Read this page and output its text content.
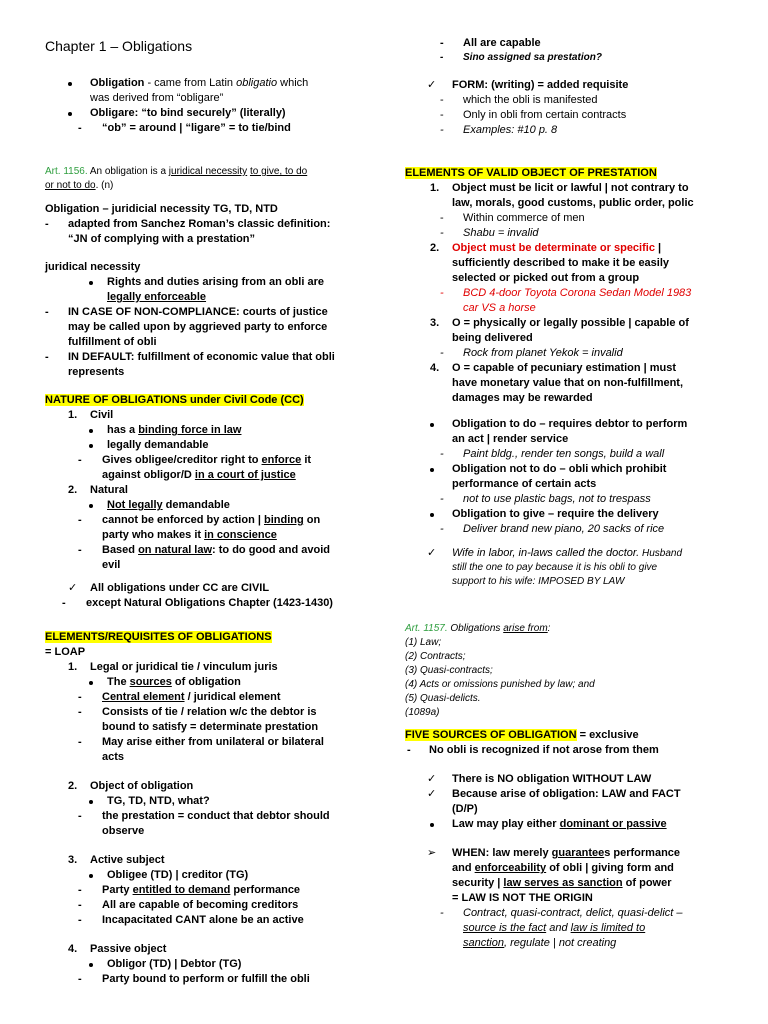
Chapter 1 – Obligations
Obligation - came from Latin obligatio which
was derived from “obligare”
Obligare: “to bind securely” (literally)
- “ob” = around | “ligare” = to tie/bind
Art. 1156. An obligation is a juridical necessity to give, to do
or not to do. (n)
Obligation – juridicial necessity TG, TD, NTD
- adapted from Sanchez Roman’s classic definition:
“JN of complying with a prestation”
juridical necessity
Rights and duties arising from an obli are
legally enforceable
- IN CASE OF NON-COMPLIANCE: courts of justice
may be called upon by aggrieved party to enforce
fulfillment of obli
- IN DEFAULT: fulfillment of economic value that obli
represents
NATURE OF OBLIGATIONS under Civil Code (CC)
1. Civil
has a binding force in law
legally demandable
- Gives obligee/creditor right to enforce it
against obligor/D in a court of justice
2. Natural
Not legally demandable
- cannot be enforced by action | binding on
party who makes it in conscience
- Based on natural law: to do good and avoid
evil
✓ All obligations under CC are CIVIL
- except Natural Obligations Chapter (1423-1430)
ELEMENTS/REQUISITES OF OBLIGATIONS
= LOAP
1. Legal or juridical tie / vinculum juris
The sources of obligation
- Central element / juridical element
- Consists of tie / relation w/c the debtor is
bound to satisfy = determinate prestation
- May arise either from unilateral or bilateral
acts
2. Object of obligation
TG, TD, NTD, what?
- the prestation = conduct that debtor should
observe
3. Active subject
Obligee (TD) | creditor (TG)
- Party entitled to demand performance
- All are capable of becoming creditors
- Incapacitated CANT alone be an active
4. Passive object
Obligor (TD) | Debtor (TG)
- Party bound to perform or fulfill the obli
- All are capable
- Sino assigned sa prestation?
✓ FORM: (writing) = added requisite
- which the obli is manifested
- Only in obli from certain contracts
- Examples: #10 p. 8
ELEMENTS OF VALID OBJECT OF PRESTATION
1. Object must be licit or lawful | not contrary to
law, morals, good customs, public order, polic
- Within commerce of men
- Shabu = invalid
2. Object must be determinate or specific |
sufficiently described to make it be easily
selected or picked out from a group
- BCD 4-door Toyota Corona Sedan Model 1983
car VS a horse
3. O = physically or legally possible | capable of
being delivered
- Rock from planet Yekok = invalid
4. O = capable of pecuniary estimation | must
have monetary value that on non-fulfillment,
damages may be rewarded
Obligation to do – requires debtor to perform
an act | render service
- Paint bldg., render ten songs, build a wall
Obligation not to do – obli which prohibit
performance of certain acts
- not to use plastic bags, not to trespass
Obligation to give – require the delivery
- Deliver brand new piano, 20 sacks of rice
✓ Wife in labor, in-laws called the doctor. Husband
still the one to pay because it is his obli to give
support to his wife: IMPOSED BY LAW
Art. 1157. Obligations arise from:
(1) Law;
(2) Contracts;
(3) Quasi-contracts;
(4) Acts or omissions punished by law; and
(5) Quasi-delicts.
(1089a)
FIVE SOURCES OF OBLIGATION = exclusive
- No obli is recognized if not arose from them
✓ There is NO obligation WITHOUT LAW
✓ Because arise of obligation: LAW and FACT
(D/P)
Law may play either dominant or passive
➢ WHEN: law merely guarantees performance
and enforceability of obli | giving form and
security | law serves as sanction of power
= LAW IS NOT THE ORIGIN
- Contract, quasi-contract, delict, quasi-delict –
source is the fact and law is limited to
sanction, regulate | not creating
